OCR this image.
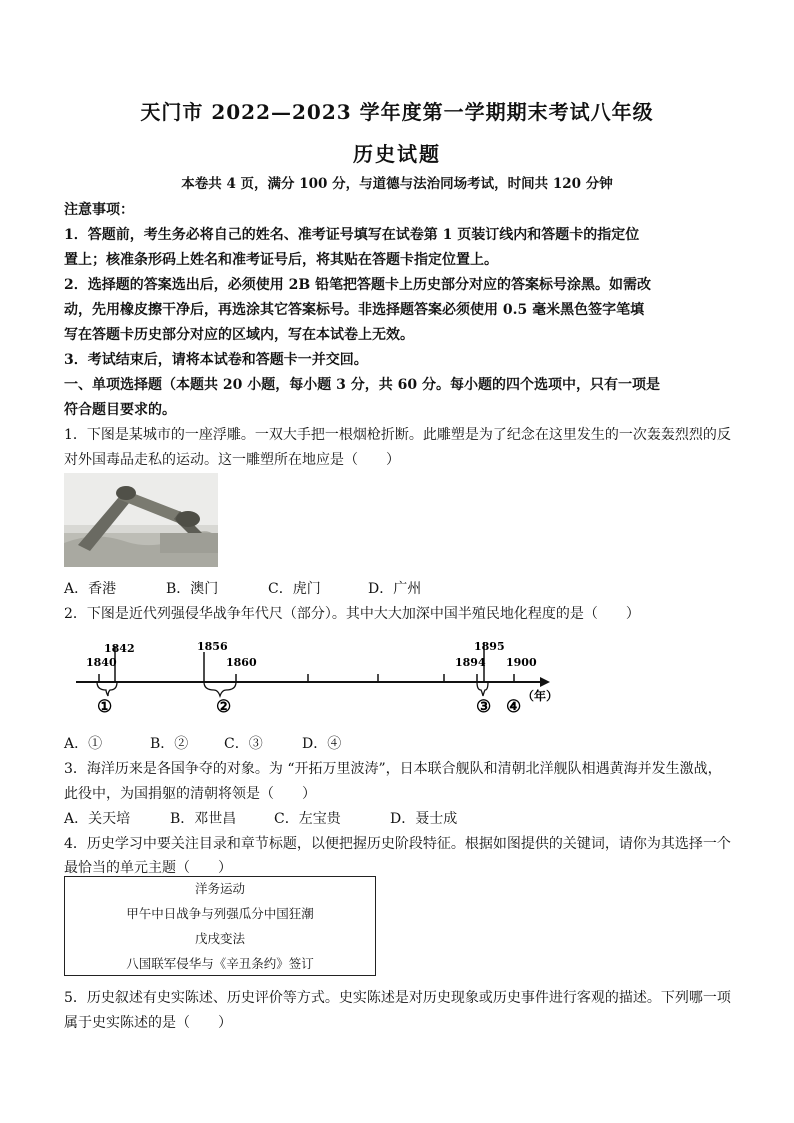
天门市 2022—2023 学年度第一学期期末考试八年级
历史试题
本卷共 4 页，满分 100 分，与道德与法治同场考试，时间共 120 分钟
注意事项：
1．答题前，考生务必将自己的姓名、准考证号填写在试卷第 1 页装订线内和答题卡的指定位
置上；核准条形码上姓名和准考证号后，将其贴在答题卡指定位置上。
2．选择题的答案选出后，必须使用 2B 铅笔把答题卡上历史部分对应的答案标号涂黑。如需改
动，先用橡皮擦干净后，再选涂其它答案标号。非选择题答案必须使用 0.5 毫米黑色签字笔填
写在答题卡历史部分对应的区域内，写在本试卷上无效。
3．考试结束后，请将本试卷和答题卡一并交回。
一、单项选择题（本题共 20 小题，每小题 3 分，共 60 分。每小题的四个选项中，只有一项是
符合题目要求的。
1．下图是某城市的一座浮雕。一双大手把一根烟枪折断。此雕塑是为了纪念在这里发生的一次轰轰烈烈的反
对外国毒品走私的运动。这一雕塑所在地应是（　　）
A．香港	B．澳门	C．虎门	D．广州
2．下图是近代列强侵华战争年代尺（部分）。其中大大加深中国半殖民地化程度的是（　　）
1842	1856	1895
1840	1860	1894 1900
①	②	③ ④
（年）
A．①	B．②	C．③	D．④
3．海洋历来是各国争夺的对象。为 “开拓万里波涛”，日本联合舰队和清朝北洋舰队相遇黄海并发生激战，
此役中，为国捐躯的清朝将领是（　　）
A．关天培	B．邓世昌	C．左宝贵	D．聂士成
4．历史学习中要关注目录和章节标题，以便把握历史阶段特征。根据如图提供的关键词，请你为其选择一个
最恰当的单元主题（　　）
洋务运动
甲午中日战争与列强瓜分中国狂潮
戊戌变法
八国联军侵华与《辛丑条约》签订
5．历史叙述有史实陈述、历史评价等方式。史实陈述是对历史现象或历史事件进行客观的描述。下列哪一项
属于史实陈述的是（　　）
